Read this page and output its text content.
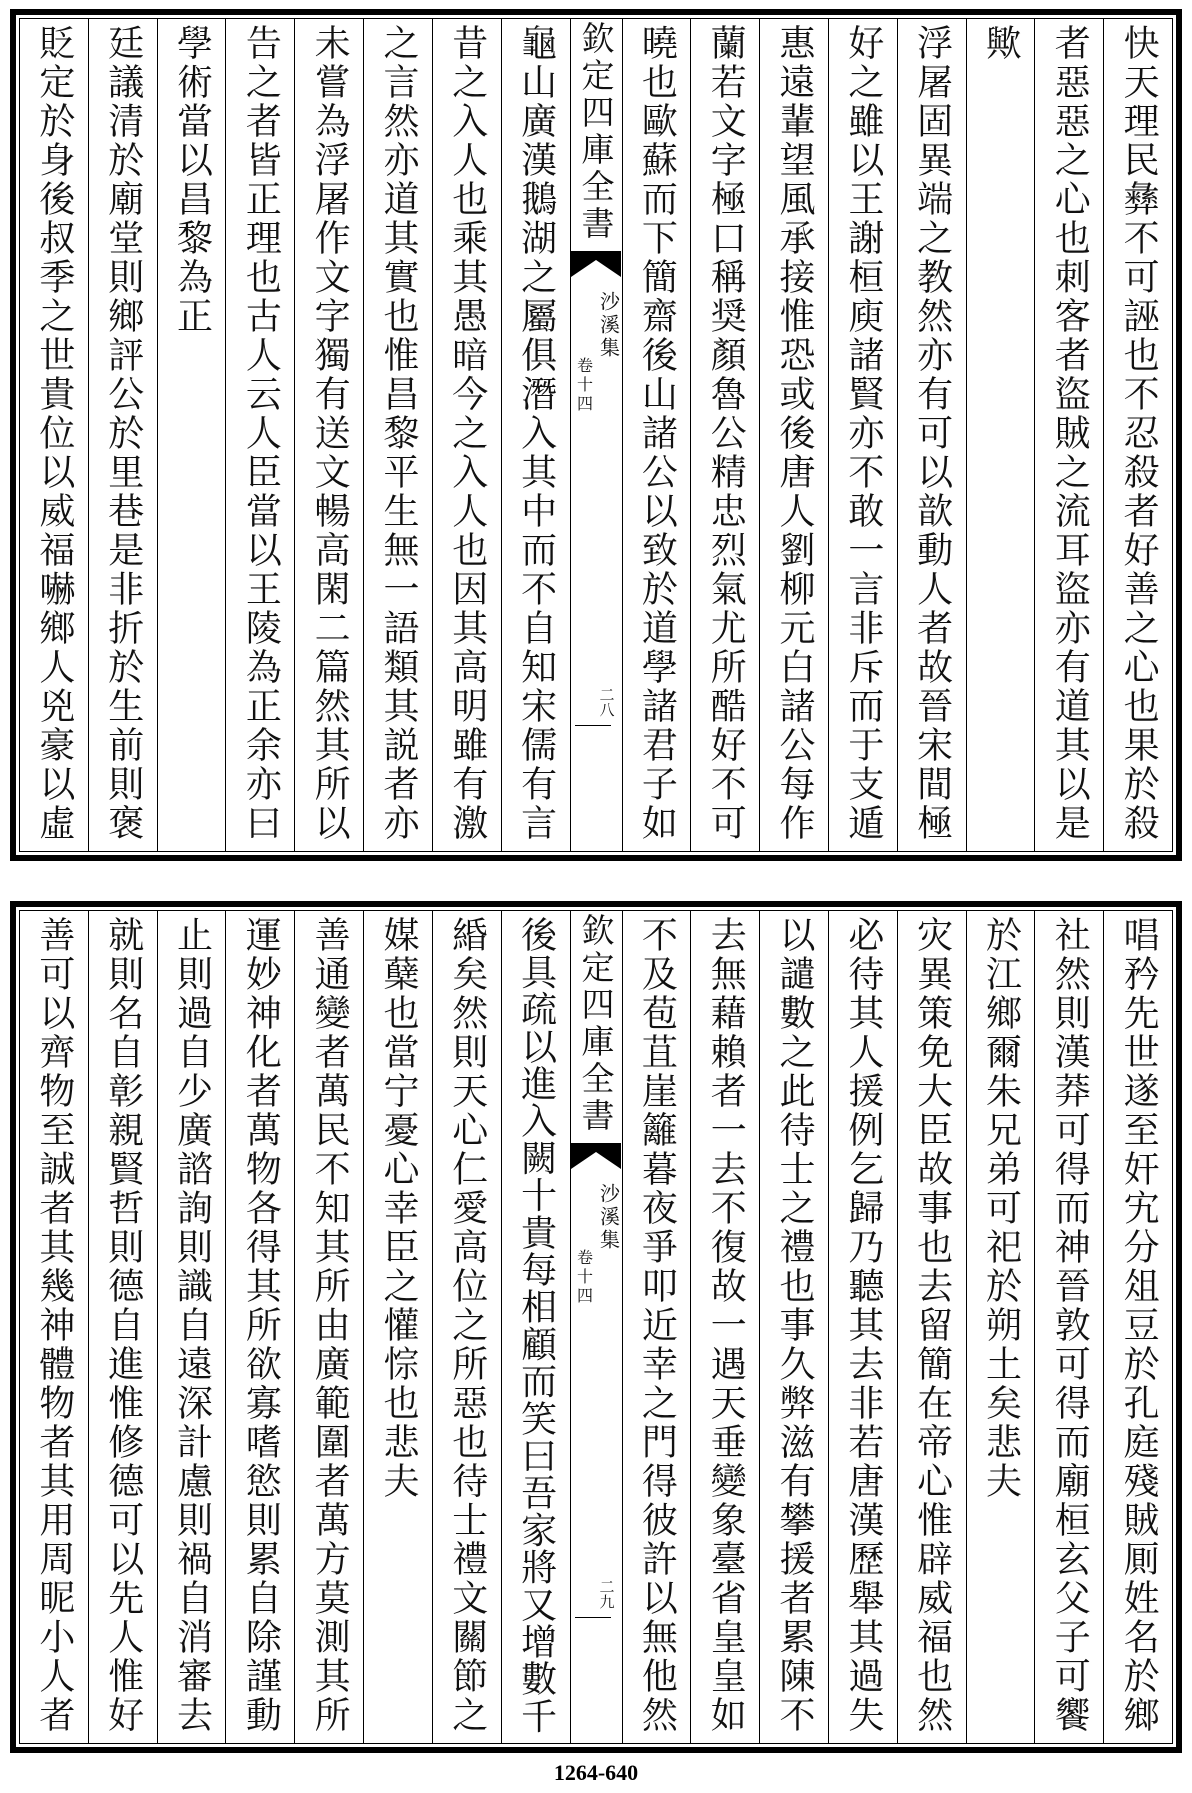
快天理民彝不可誣也不忍殺者好善之心也果於殺
者惡惡之心也刺客者盜賊之流耳盜亦有道其以是
歟
浮屠固異端之教然亦有可以歆動人者故晉宋間極
好之雖以王謝桓庾諸賢亦不敢一言非斥而于支遁
惠遠輩望風承接惟恐或後唐人劉柳元白諸公每作
蘭若文字極口稱奨顏魯公精忠烈氣尤所酷好不可
曉也歐蘇而下簡齋後山諸公以致於道學諸君子如
欽定四庫全書
沙溪集
卷十四
二八
龜山廣漢鵝湖之屬俱潛入其中而不自知宋儒有言
昔之入人也乘其愚暗今之入人也因其高明雖有激
之言然亦道其實也惟昌黎平生無一語類其説者亦
未嘗為浮屠作文字獨有送文暢高閑二篇然其所以
告之者皆正理也古人云人臣當以王陵為正余亦曰
學術當以昌黎為正
廷議清於廟堂則鄉評公於里巷是非折於生前則褒
貶定於身後叔季之世貴位以威福嚇鄉人兇豪以虛
唱矜先世遂至奸宄分俎豆於孔庭殘賊厠姓名於鄉
社然則漢莽可得而神晉敦可得而廟桓玄父子可饗
於江鄉爾朱兄弟可祀於朔土矣悲夫
灾異策免大臣故事也去留簡在帝心惟辟威福也然
必待其人援例乞歸乃聽其去非若唐漢歷舉其過失
以譴數之此待士之禮也事久弊滋有攀援者累陳不
去無藉賴者一去不復故一遇天垂變象臺省皇皇如
不及苞苴崖籬暮夜爭叩近幸之門得彼許以無他然
欽定四庫全書
沙溪集
卷十四
二九
後具疏以進入闕十貴每相顧而笑曰吾家將又增數千
緍矣然則天心仁愛高位之所惡也待士禮文關節之
媒蘖也當宁憂心幸臣之懽悰也悲夫
善通變者萬民不知其所由廣範圍者萬方莫測其所
運妙神化者萬物各得其所欲寡嗜慾則累自除謹動
止則過自少廣諮詢則識自遠深計慮則禍自消審去
就則名自彰親賢哲則德自進惟修德可以先人惟好
善可以齊物至誠者其幾神體物者其用周昵小人者
1264-640
